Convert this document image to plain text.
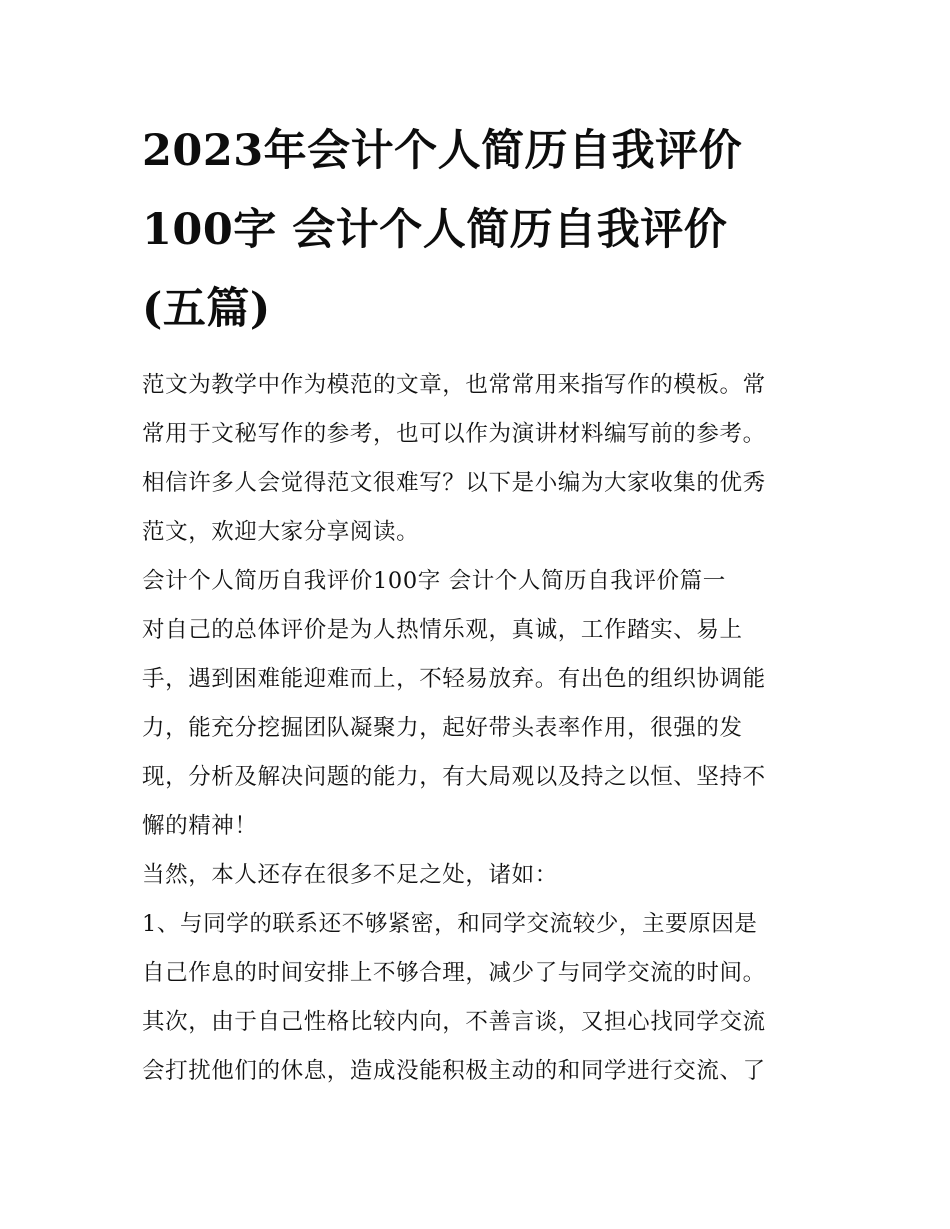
2023年会计个人简历自我评价
100字 会计个人简历自我评价
(五篇)

范文为教学中作为模范的文章，也常常用来指写作的模板。常
常用于文秘写作的参考，也可以作为演讲材料编写前的参考。
相信许多人会觉得范文很难写？以下是小编为大家收集的优秀
范文，欢迎大家分享阅读。

会计个人简历自我评价100字 会计个人简历自我评价篇一

对自己的总体评价是为人热情乐观，真诚，工作踏实、易上
手，遇到困难能迎难而上，不轻易放弃。有出色的组织协调能
力，能充分挖掘团队凝聚力，起好带头表率作用，很强的发
现，分析及解决问题的能力，有大局观以及持之以恒、坚持不
懈的精神！

当然，本人还存在很多不足之处，诸如：

1、与同学的联系还不够紧密，和同学交流较少，主要原因是
自己作息的时间安排上不够合理，减少了与同学交流的时间。
其次，由于自己性格比较内向，不善言谈，又担心找同学交流
会打扰他们的休息，造成没能积极主动的和同学进行交流、了
